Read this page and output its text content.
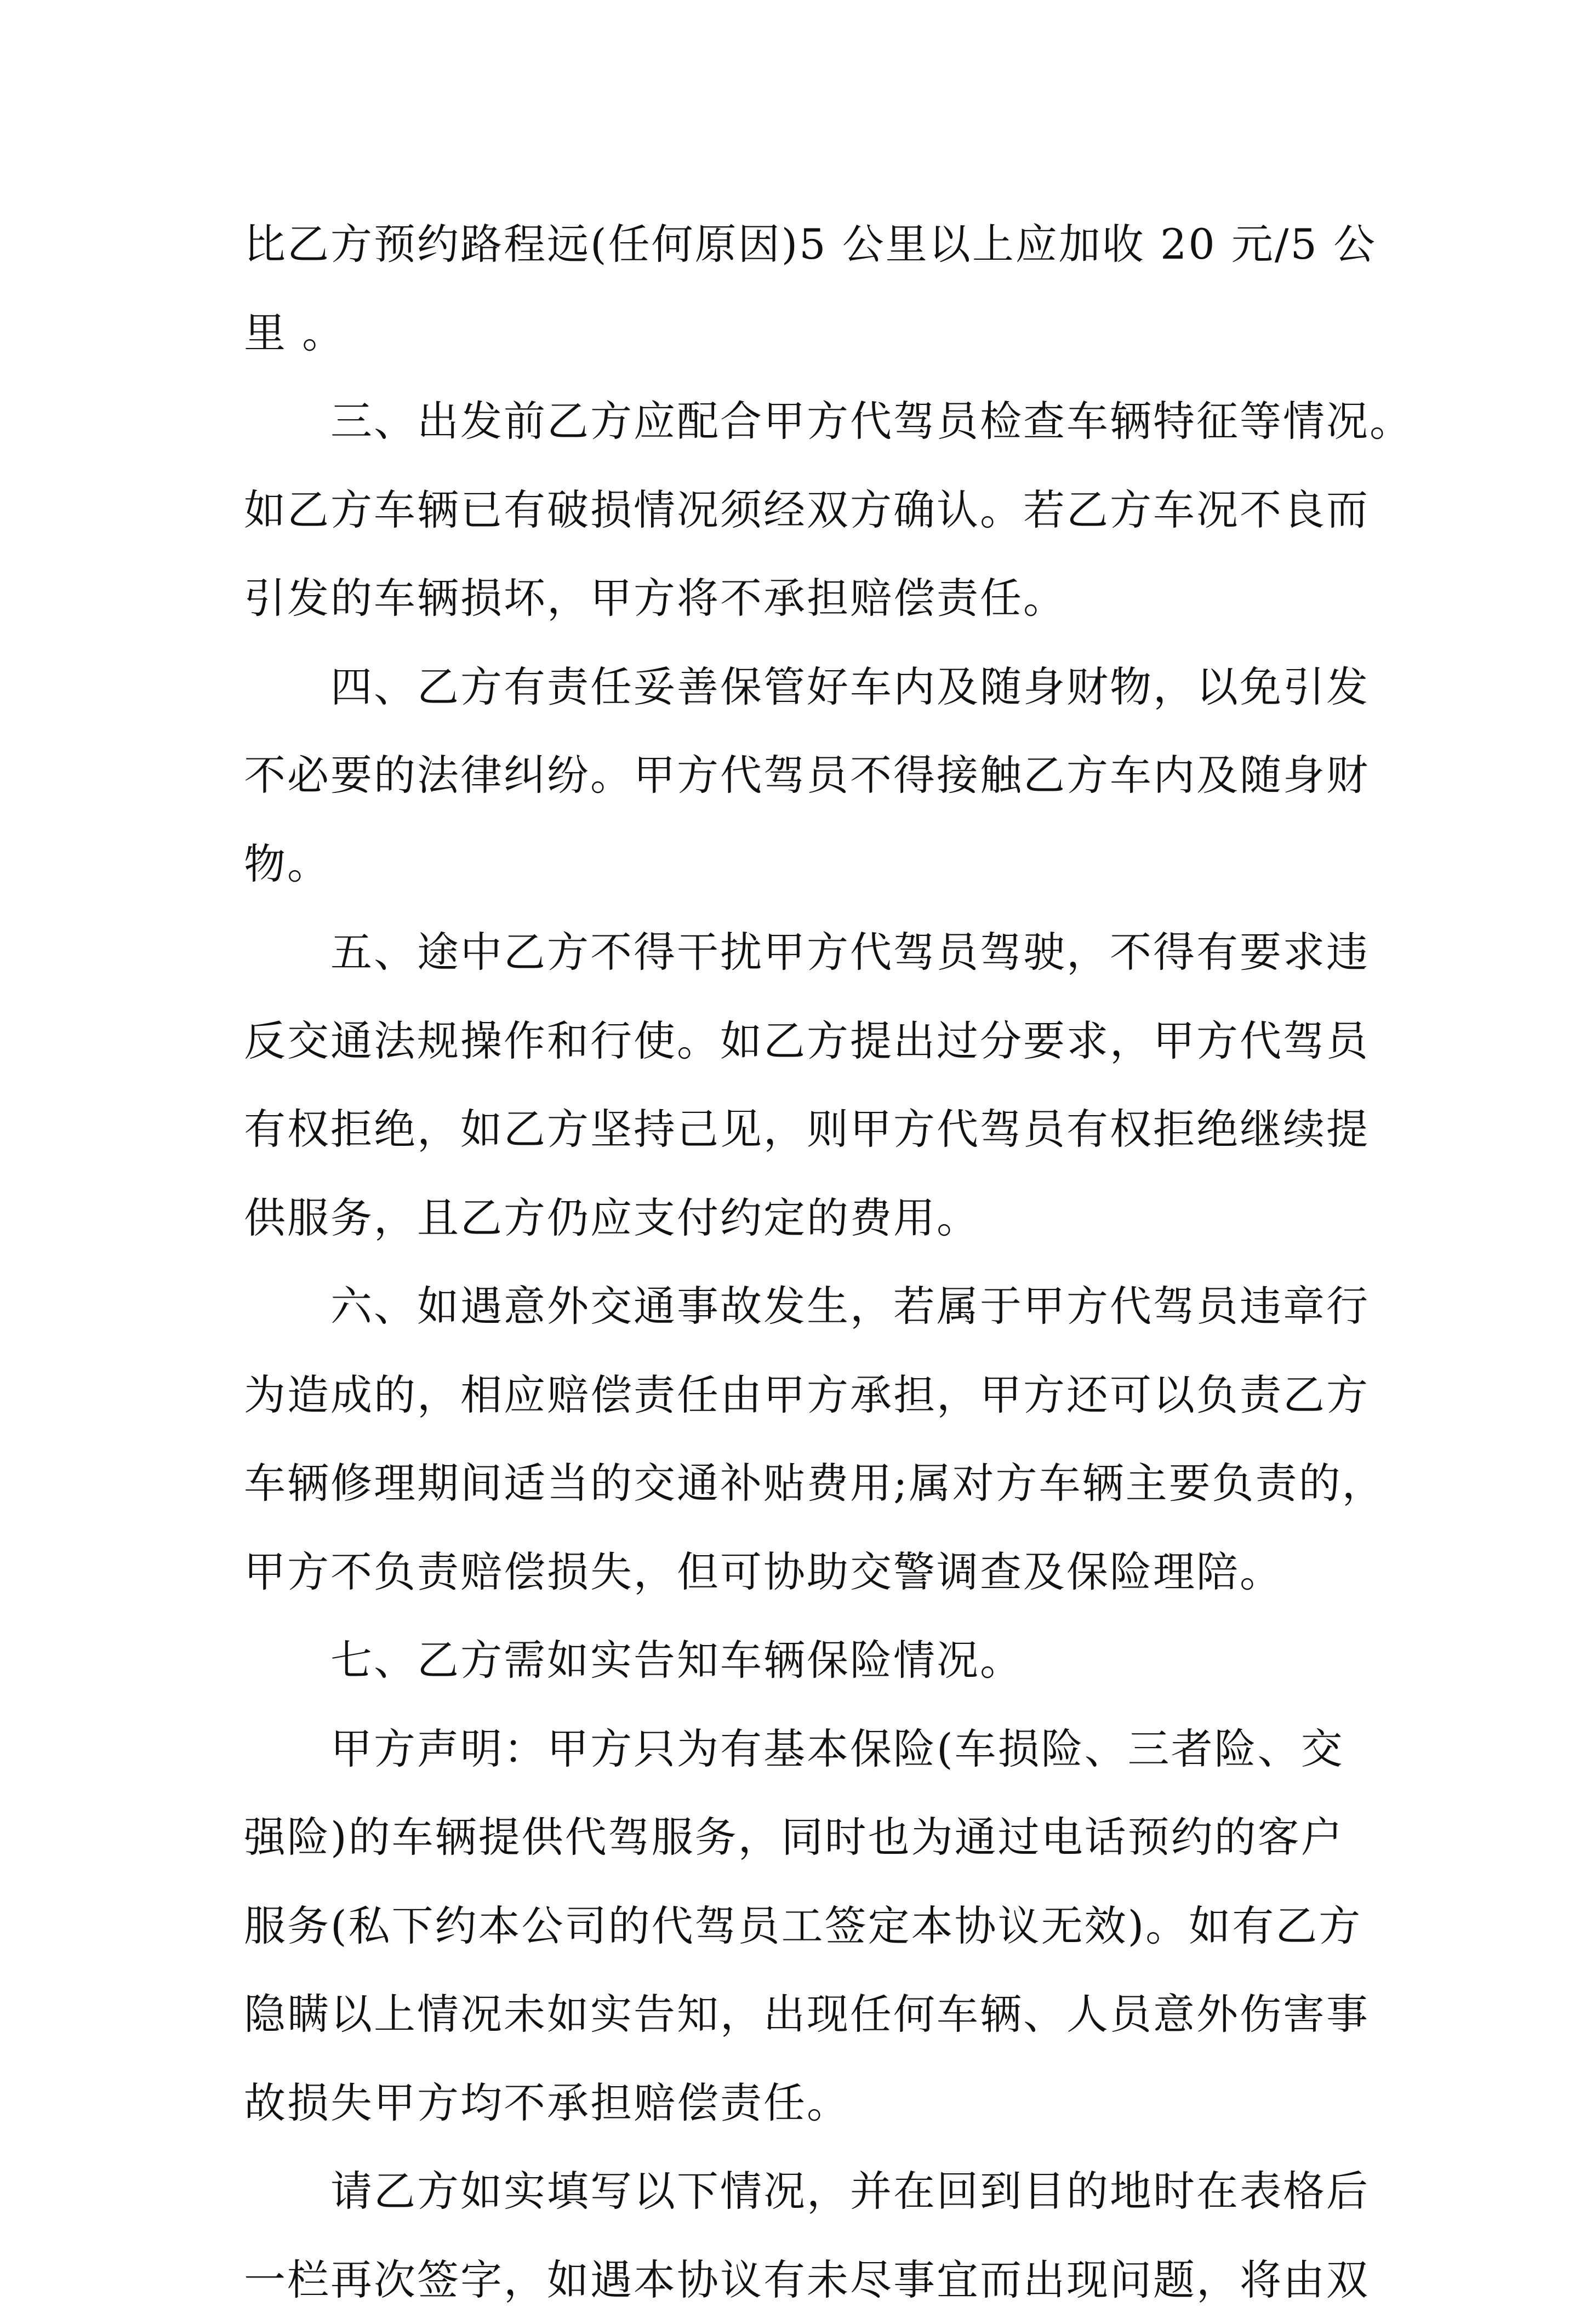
比乙方预约路程远(任何原因)5 公里以上应加收 20 元/5 公
里 。
　　三、出发前乙方应配合甲方代驾员检查车辆特征等情况。
如乙方车辆已有破损情况须经双方确认。若乙方车况不良而
引发的车辆损坏，甲方将不承担赔偿责任。
　　四、乙方有责任妥善保管好车内及随身财物，以免引发
不必要的法律纠纷。甲方代驾员不得接触乙方车内及随身财
物。
　　五、途中乙方不得干扰甲方代驾员驾驶，不得有要求违
反交通法规操作和行使。如乙方提出过分要求，甲方代驾员
有权拒绝，如乙方坚持己见，则甲方代驾员有权拒绝继续提
供服务，且乙方仍应支付约定的费用。
　　六、如遇意外交通事故发生，若属于甲方代驾员违章行
为造成的，相应赔偿责任由甲方承担，甲方还可以负责乙方
车辆修理期间适当的交通补贴费用;属对方车辆主要负责的，
甲方不负责赔偿损失，但可协助交警调查及保险理陪。
　　七、乙方需如实告知车辆保险情况。
　　甲方声明：甲方只为有基本保险(车损险、三者险、交
强险)的车辆提供代驾服务，同时也为通过电话预约的客户
服务(私下约本公司的代驾员工签定本协议无效)。如有乙方
隐瞒以上情况未如实告知，出现任何车辆、人员意外伤害事
故损失甲方均不承担赔偿责任。
　　请乙方如实填写以下情况，并在回到目的地时在表格后
一栏再次签字，如遇本协议有未尽事宜而出现问题，将由双
